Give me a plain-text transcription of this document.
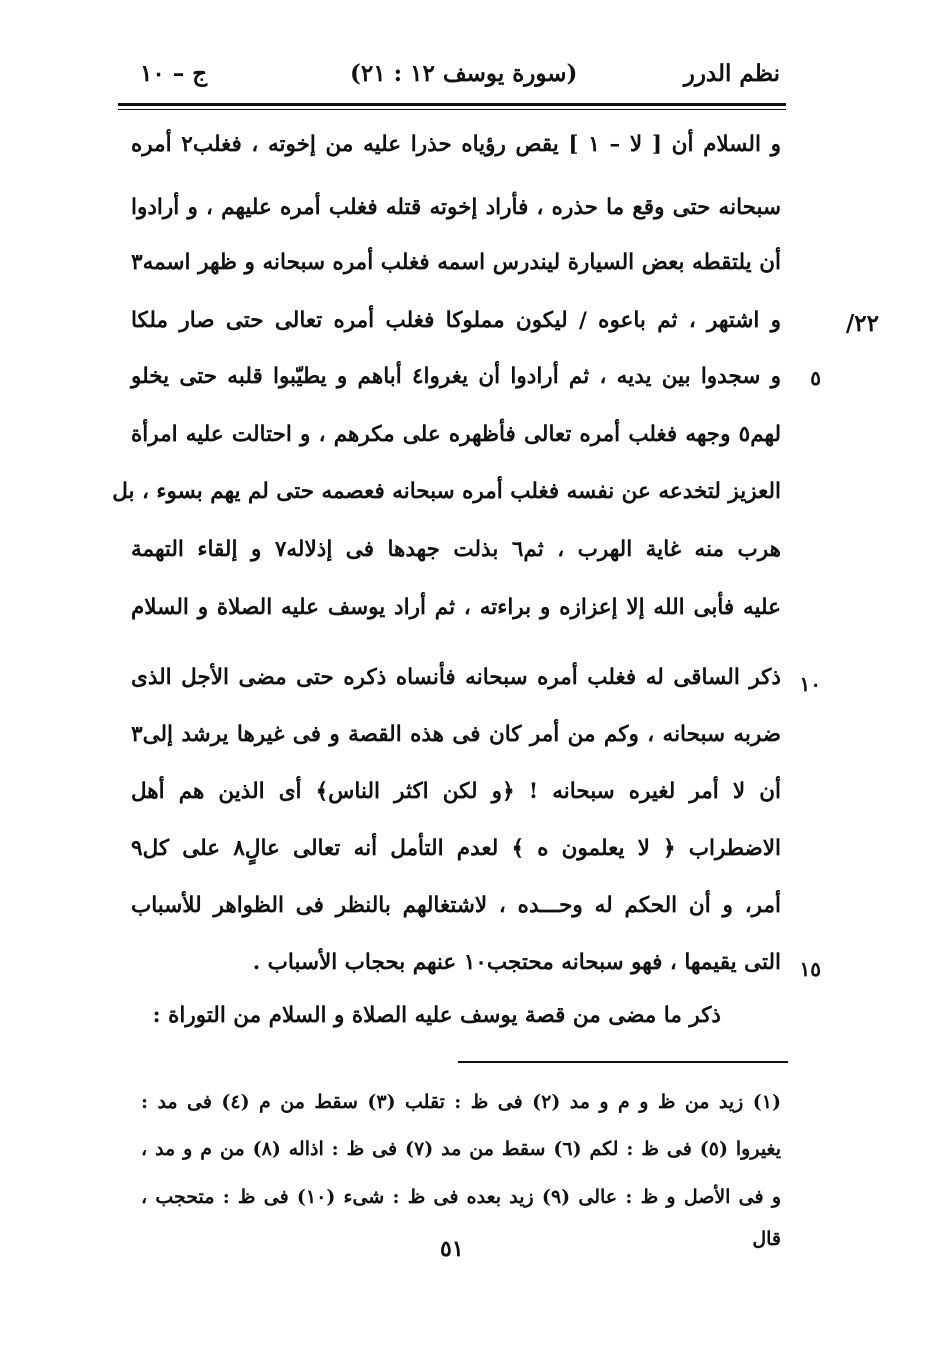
نظم الدرر
(سورة يوسف ١٢ : ٢١)
ج – ١٠
٢٢/
٥
١٠
١٥
و السلام أن [ لا – ١ ] يقص رؤياه حذرا عليه من إخوته ، فغلب٢ أمره
سبحانه حتى وقع ما حذره ، فأراد إخوته قتله فغلب أمره عليهم ، و أرادوا
أن يلتقطه بعض السيارة ليندرس اسمه فغلب أمره سبحانه و ظهر اسمه٣
و اشتهر ، ثم باعوه / ليكون مملوكا فغلب أمره تعالى حتى صار ملكا
و سجدوا بين يديه ، ثم أرادوا أن يغروا٤ أباهم و يطيّبوا قلبه حتى يخلو
لهم٥ وجهه فغلب أمره تعالى فأظهره على مكرهم ، و احتالت عليه امرأة
العزيز لتخدعه عن نفسه فغلب أمره سبحانه فعصمه حتى لم يهم بسوء ، بل
هرب منه غاية الهرب ، ثم٦ بذلت جهدها فى إذلاله٧ و إلقاء التهمة
عليه فأبى الله إلا إعزازه و براءته ، ثم أراد يوسف عليه الصلاة و السلام
ذكر الساقى له فغلب أمره سبحانه فأنساه ذكره حتى مضى الأجل الذى
ضربه سبحانه ، وكم من أمر كان فى هذه القصة و فى غيرها يرشد إلى٣
أن لا أمر لغيره سبحانه ! ﴿و لكن اكثر الناس﴾ أى الذين هم أهل
الاضطراب ﴿ لا يعلمون ه ﴾ لعدم التأمل أنه تعالى عالٍ٨ على كل٩
أمر، و أن الحكم له وحـــده ، لاشتغالهم بالنظر فى الظواهر للأسباب
التى يقيمها ، فهو سبحانه محتجب١٠ عنهم بحجاب الأسباب .
ذكر ما مضى من قصة يوسف عليه الصلاة و السلام من التوراة :
(١) زيد من ظ و م و مد (٢) فى ظ : تقلب (٣) سقط من م (٤) فى مد :
يغيروا (٥) فى ظ : لكم (٦) سقط من مد (٧) فى ظ : اذاله (٨) من م و مد ،
و فى الأصل و ظ : عالى (٩) زيد بعده فى ظ : شىء (١٠) فى ظ : متحجب ،
قال
٥١
